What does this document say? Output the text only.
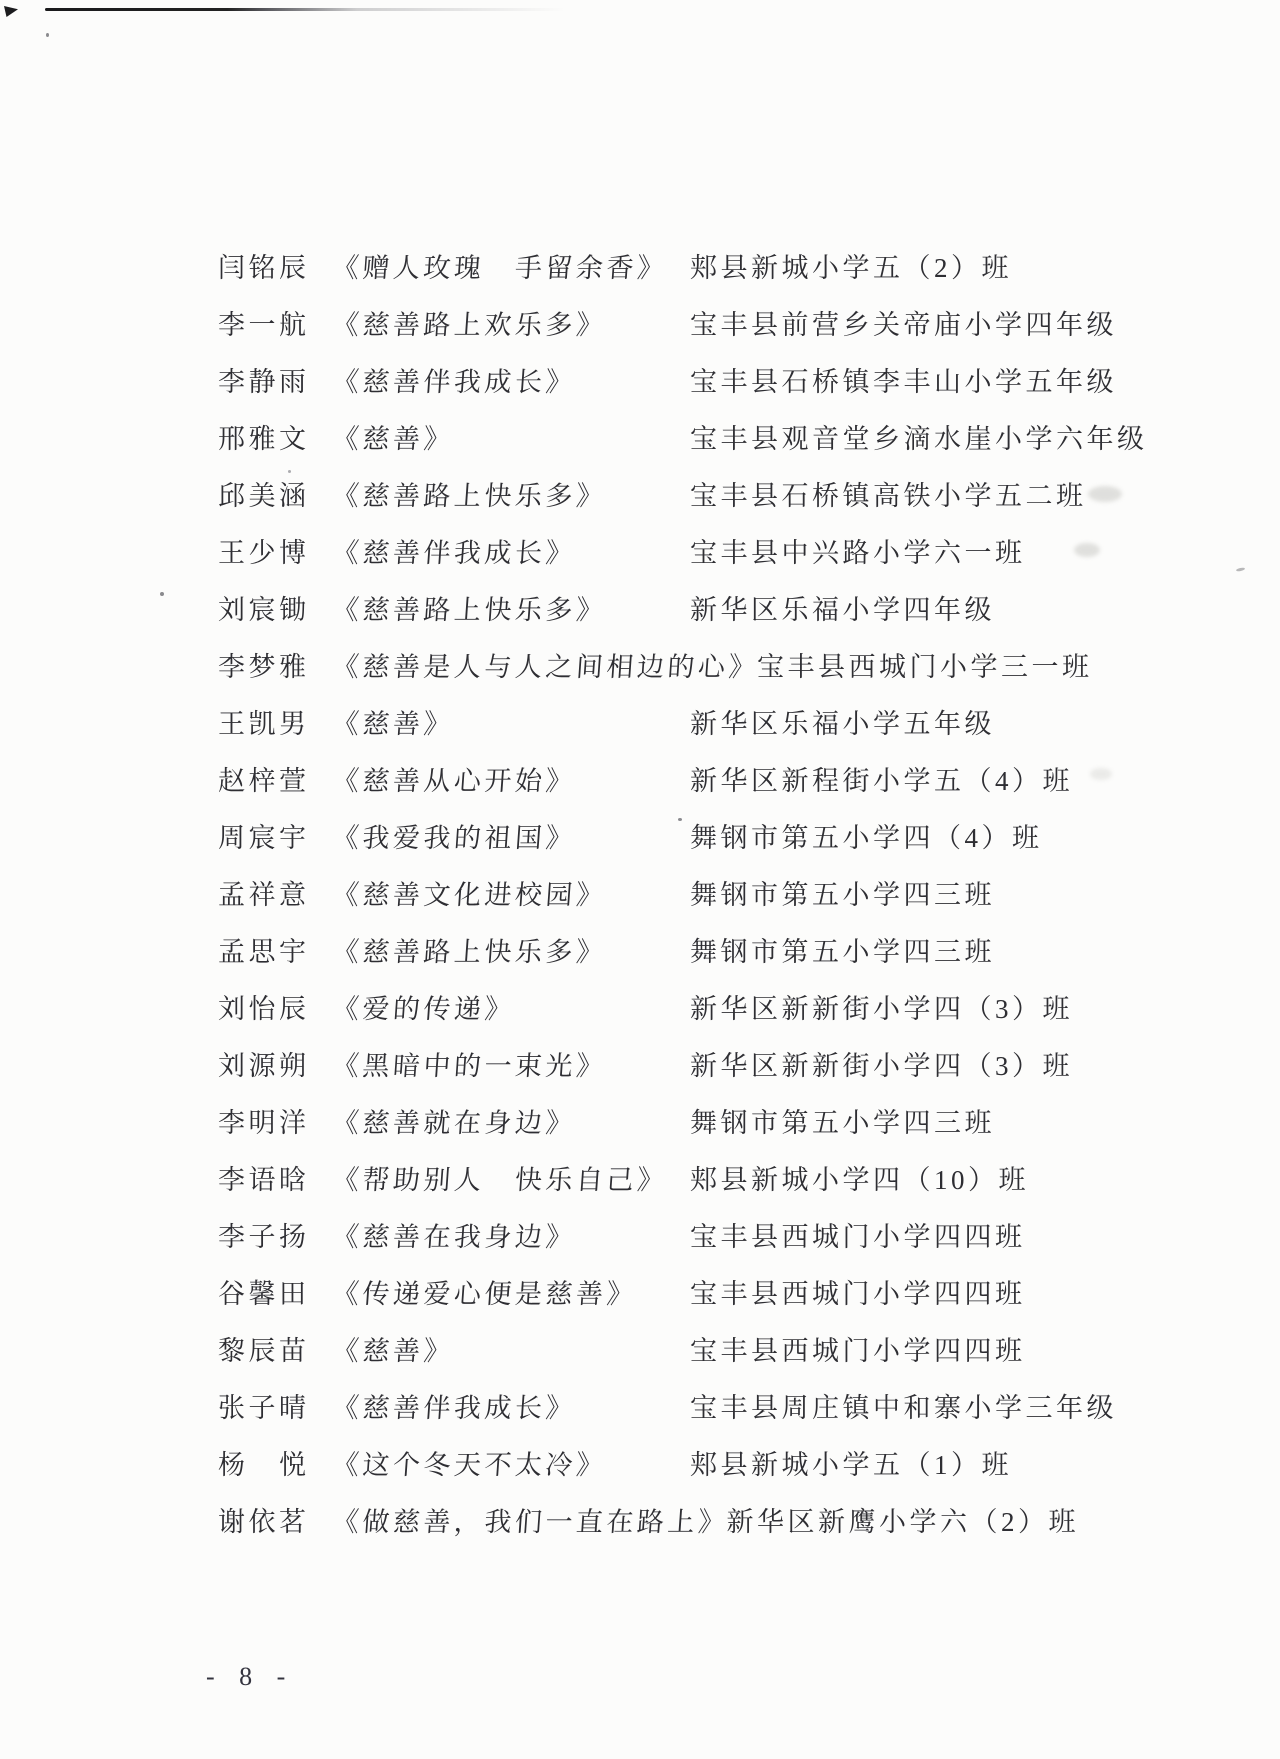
闫铭辰 《赠人玫瑰　手留余香》 郏县新城小学五（2）班
李一航 《慈善路上欢乐多》	宝丰县前营乡关帝庙小学四年级
李静雨 《慈善伴我成长》	宝丰县石桥镇李丰山小学五年级
邢雅文 《慈善》	宝丰县观音堂乡滴水崖小学六年级
邱美涵 《慈善路上快乐多》	宝丰县石桥镇高铁小学五二班
王少博 《慈善伴我成长》	宝丰县中兴路小学六一班
刘宸锄 《慈善路上快乐多》	新华区乐福小学四年级
李梦雅 《慈善是人与人之间相边的心》宝丰县西城门小学三一班
王凯男 《慈善》	新华区乐福小学五年级
赵梓萱 《慈善从心开始》	新华区新程街小学五（4）班
周宸宇 《我爱我的祖国》	舞钢市第五小学四（4）班
孟祥意 《慈善文化进校园》	舞钢市第五小学四三班
孟思宇 《慈善路上快乐多》	舞钢市第五小学四三班
刘怡辰 《爱的传递》	新华区新新街小学四（3）班
刘源朔 《黑暗中的一束光》	新华区新新街小学四（3）班
李明洋 《慈善就在身边》	舞钢市第五小学四三班
李语晗 《帮助别人　快乐自己》 郏县新城小学四（10）班
李子扬 《慈善在我身边》	宝丰县西城门小学四四班
谷馨田 《传递爱心便是慈善》 宝丰县西城门小学四四班
黎辰苗 《慈善》	宝丰县西城门小学四四班
张子晴 《慈善伴我成长》	宝丰县周庄镇中和寨小学三年级
杨　悦 《这个冬天不太冷》	郏县新城小学五（1）班
谢依茗 《做慈善，我们一直在路上》新华区新鹰小学六（2）班
- 8 -
